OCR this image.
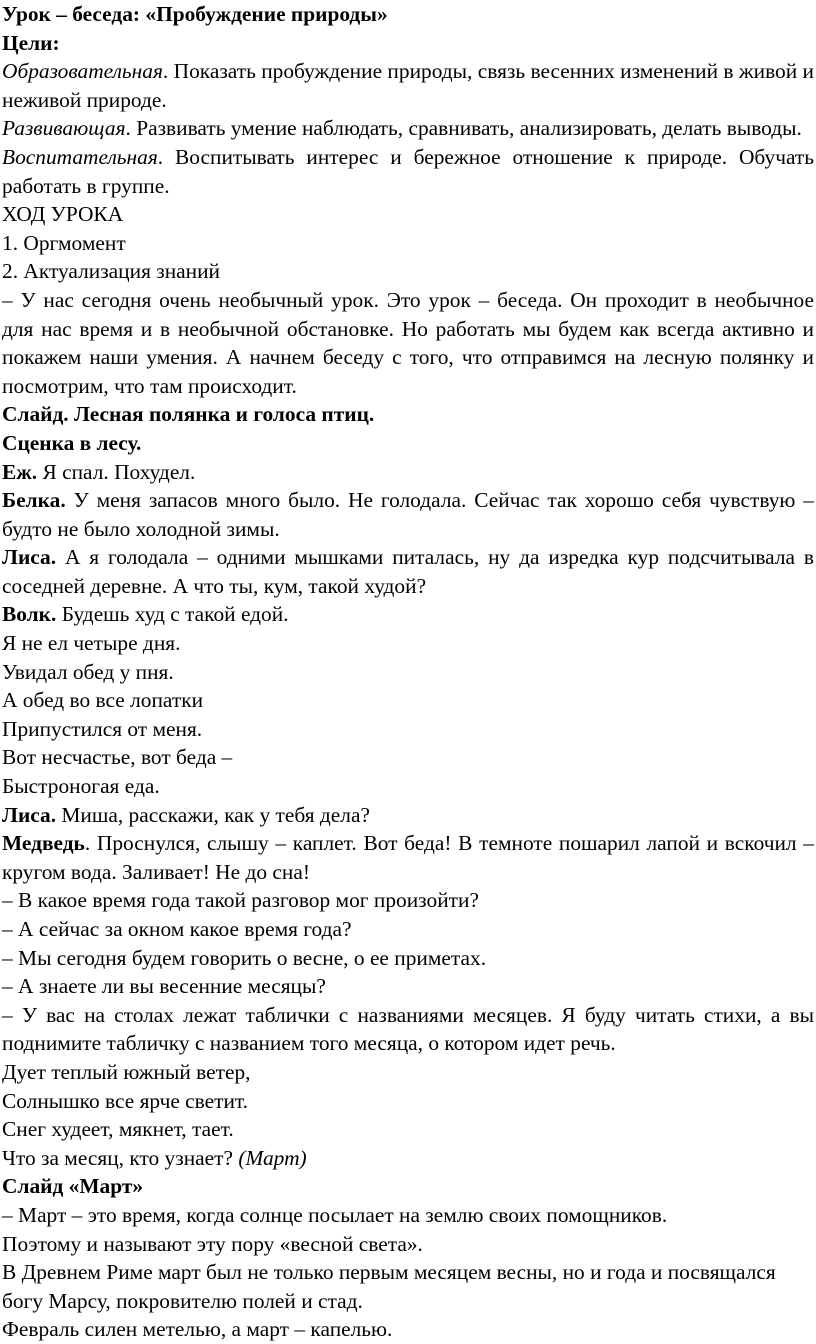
Урок – беседа: «Пробуждение природы»

Цели:

Образовательная. Показать пробуждение природы, связь весенних изменений в живой и неживой природе.

Развивающая. Развивать умение наблюдать, сравнивать, анализировать, делать выводы.

Воспитательная. Воспитывать интерес и бережное отношение к природе. Обучать работать в группе.

ХОД УРОКА

1. Оргмомент

2. Актуализация знаний

– У нас сегодня очень необычный урок. Это урок – беседа. Он проходит в необычное для нас время и в необычной обстановке. Но работать мы будем как всегда активно и покажем наши умения. А начнем беседу с того, что отправимся на лесную полянку и посмотрим, что там происходит.

Слайд. Лесная полянка и голоса птиц.

Сценка в лесу.

Еж. Я спал. Похудел.

Белка. У меня запасов много было. Не голодала. Сейчас так хорошо себя чувствую – будто не было холодной зимы.

Лиса. А я голодала – одними мышками питалась, ну да изредка кур подсчитывала в соседней деревне. А что ты, кум, такой худой?

Волк. Будешь худ с такой едой.

Я не ел четыре дня.

Увидал обед у пня.

А обед во все лопатки

Припустился от меня.

Вот несчастье, вот беда –

Быстроногая еда.

Лиса. Миша, расскажи, как у тебя дела?

Медведь. Проснулся, слышу – каплет. Вот беда! В темноте пошарил лапой и вскочил – кругом вода. Заливает! Не до сна!

– В какое время года такой разговор мог произойти?

– А сейчас за окном какое время года?

– Мы сегодня будем говорить о весне, о ее приметах.

– А знаете ли вы весенние месяцы?

– У вас на столах лежат таблички с названиями месяцев. Я буду читать стихи, а вы поднимите табличку с названием того месяца, о котором идет речь.

Дует теплый южный ветер,

Солнышко все ярче светит.

Снег худеет, мякнет, тает.

Что за месяц, кто узнает? (Март)

Слайд «Март»

– Март – это время, когда солнце посылает на землю своих помощников.

Поэтому и называют эту пору «весной света».

В Древнем Риме март был не только первым месяцем весны, но и года и посвящался богу Марсу, покровителю полей и стад.

Февраль силен метелью, а март – капелью.
